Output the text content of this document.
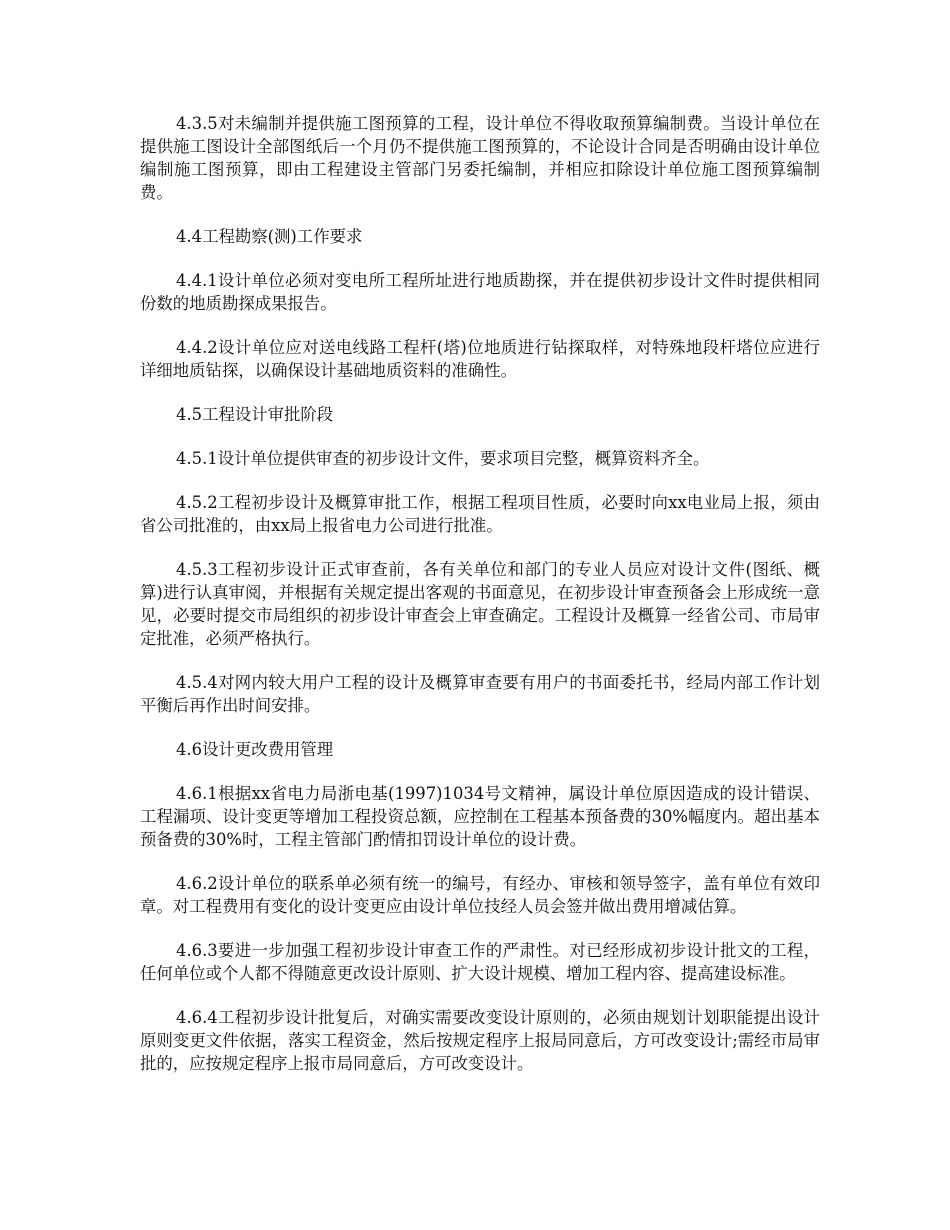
4.3.5对未编制并提供施工图预算的工程，设计单位不得收取预算编制费。当设计单位在提供施工图设计全部图纸后一个月仍不提供施工图预算的，不论设计合同是否明确由设计单位编制施工图预算，即由工程建设主管部门另委托编制，并相应扣除设计单位施工图预算编制费。

4.4工程勘察(测)工作要求

4.4.1设计单位必须对变电所工程所址进行地质勘探，并在提供初步设计文件时提供相同份数的地质勘探成果报告。

4.4.2设计单位应对送电线路工程杆(塔)位地质进行钻探取样，对特殊地段杆塔位应进行详细地质钻探，以确保设计基础地质资料的准确性。

4.5工程设计审批阶段

4.5.1设计单位提供审查的初步设计文件，要求项目完整，概算资料齐全。

4.5.2工程初步设计及概算审批工作，根据工程项目性质，必要时向xx电业局上报，须由省公司批准的，由xx局上报省电力公司进行批准。

4.5.3工程初步设计正式审查前，各有关单位和部门的专业人员应对设计文件(图纸、概算)进行认真审阅，并根据有关规定提出客观的书面意见，在初步设计审查预备会上形成统一意见，必要时提交市局组织的初步设计审查会上审查确定。工程设计及概算一经省公司、市局审定批准，必须严格执行。

4.5.4对网内较大用户工程的设计及概算审查要有用户的书面委托书，经局内部工作计划平衡后再作出时间安排。

4.6设计更改费用管理

4.6.1根据xx省电力局浙电基(1997)1034号文精神，属设计单位原因造成的设计错误、工程漏项、设计变更等增加工程投资总额，应控制在工程基本预备费的30%幅度内。超出基本预备费的30%时，工程主管部门酌情扣罚设计单位的设计费。

4.6.2设计单位的联系单必须有统一的编号，有经办、审核和领导签字，盖有单位有效印章。对工程费用有变化的设计变更应由设计单位技经人员会签并做出费用增减估算。

4.6.3要进一步加强工程初步设计审查工作的严肃性。对已经形成初步设计批文的工程，任何单位或个人都不得随意更改设计原则、扩大设计规模、增加工程内容、提高建设标准。

4.6.4工程初步设计批复后，对确实需要改变设计原则的，必须由规划计划职能提出设计原则变更文件依据，落实工程资金，然后按规定程序上报局同意后，方可改变设计;需经市局审批的，应按规定程序上报市局同意后，方可改变设计。
